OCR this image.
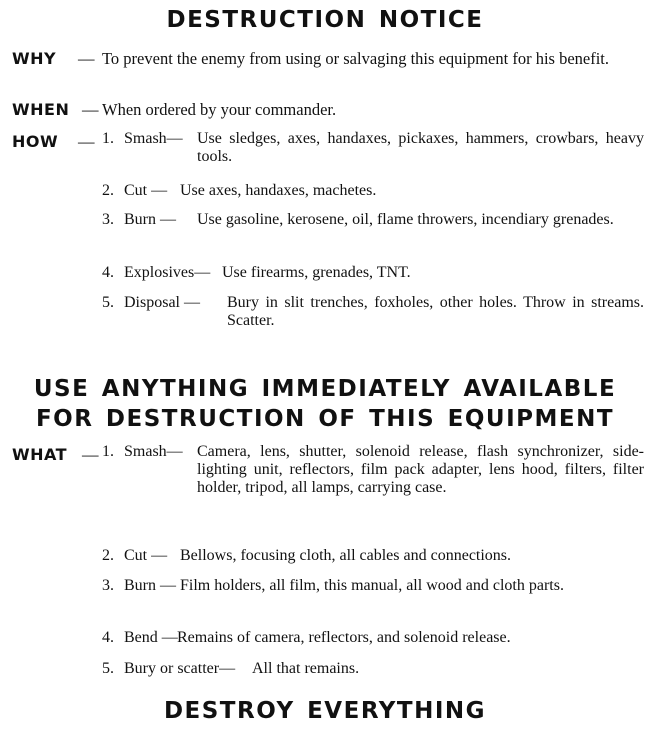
DESTRUCTION NOTICE
WHY — To prevent the enemy from using or salvaging this equipment for his benefit.
WHEN — When ordered by your commander.
HOW — 1. Smash— Use sledges, axes, handaxes, pickaxes, hammers, crowbars, heavy tools.
2. Cut — Use axes, handaxes, machetes.
3. Burn — Use gasoline, kerosene, oil, flame throwers, incendiary grenades.
4. Explosives— Use firearms, grenades, TNT.
5. Disposal — Bury in slit trenches, foxholes, other holes. Throw in streams. Scatter.
USE ANYTHING IMMEDIATELY AVAILABLE
FOR DESTRUCTION OF THIS EQUIPMENT
WHAT — 1. Smash— Camera, lens, shutter, solenoid release, flash synchronizer, side-lighting unit, reflectors, film pack adapter, lens hood, filters, filter holder, tripod, all lamps, carrying case.
2. Cut — Bellows, focusing cloth, all cables and connections.
3. Burn — Film holders, all film, this manual, all wood and cloth parts.
4. Bend — Remains of camera, reflectors, and solenoid release.
5. Bury or scatter— All that remains.
DESTROY EVERYTHING
